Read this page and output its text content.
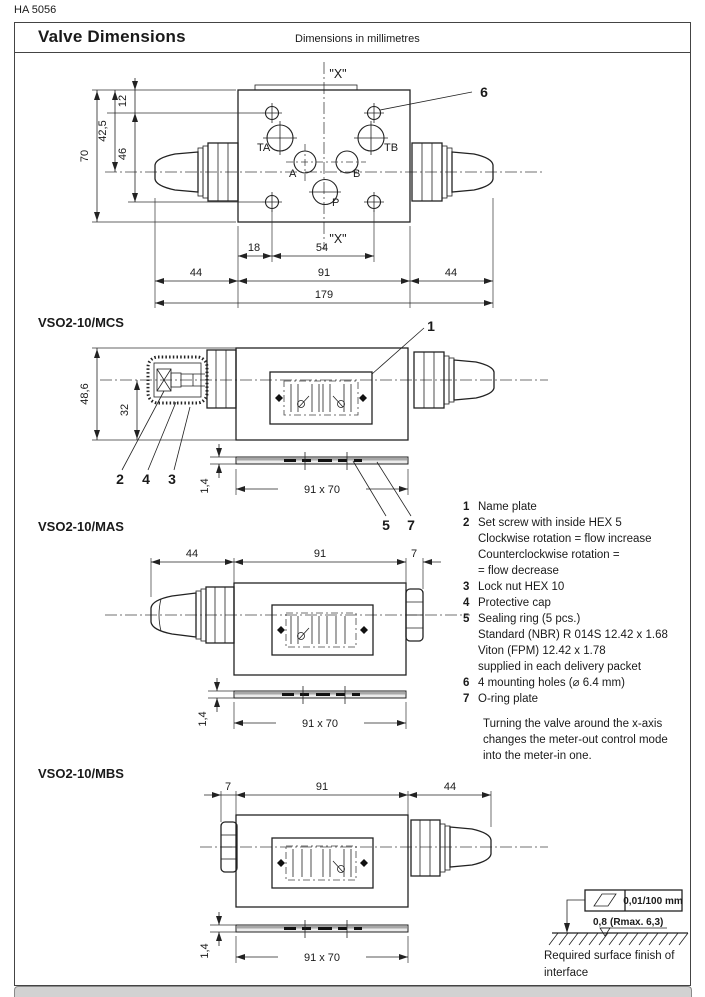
HA 5056
Valve Dimensions	Dimensions in millimetres
"X"
"X"
6
TA	TB
A	B
P
12
42,5
46
70
18	54
44	91	44
179
48,6
32
1
2 4 3 1,4	91 x 70
5 7
44	91	7
1,4	91 x 70
7	91	44
1,4	91 x 70
0,01/100 mm
0,8 (Rmax. 6,3)
VSO2-10/MCS
VSO2-10/MAS
VSO2-10/MBS
1 Name plate
2 Set screw with inside HEX 5
Clockwise rotation = flow increase
Counterclockwise rotation =
= flow decrease
3 Lock nut HEX 10
4 Protective cap
5 Sealing ring (5 pcs.)
Standard (NBR) R 014S 12.42 x 1.68
Viton (FPM) 12.42 x 1.78
supplied in each delivery packet
6 4 mounting holes (⌀ 6.4 mm)
7 O-ring plate
Turning the valve around the x-axis
changes the meter-out control mode
into the meter-in one.
Required surface finish of
interface
